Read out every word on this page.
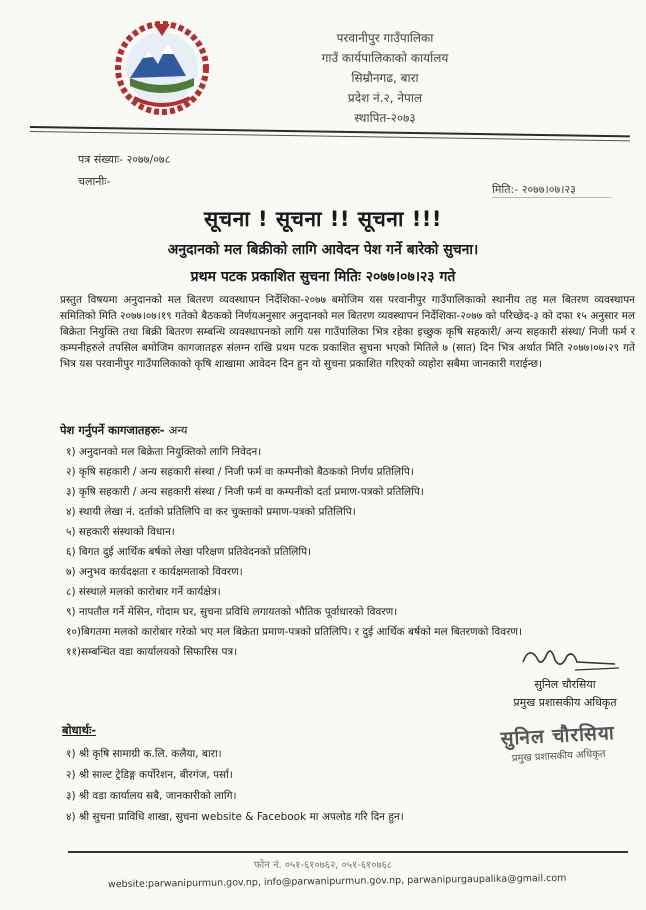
परवानीपुर गाउँपालिका
गाउँ कार्यपालिकाको कार्यालय
सिम्रौनगढ, बारा
प्रदेश नं.२, नेपाल
स्थापित-२०७३
पत्र संख्याः- २०७७/०७८
चलानीः-
मिति:- २०७७।०७।२३
सूचना ! सूचना !! सूचना !!!
अनुदानको मल बिक्रीको लागि आवेदन पेश गर्ने बारेको सुचना।
प्रथम पटक प्रकाशित सुचना मितिः २०७७।०७।२३ गते
प्रस्तुत विषयमा अनुदानको मल बितरण व्यवस्थापन निर्देशिका-२०७७ बमोजिम यस परवानीपुर गाउँपालिकाको स्थानीय तह मल बितरण व्यवस्थापन समितिको मिति २०७७।०७।१९ गतेको बैठकको निर्णयअनुसार अनुदानको मल बितरण व्यवस्थापन निर्देशिका-२०७७ को परिच्छेद-३ को दफा १५ अनुसार मल बिक्रेता नियुक्ति तथा बिक्री बितरण सम्बन्धि व्यवस्थापनको लागि यस गाउँपालिका भित्र रहेका इच्छुक कृषि सहकारी/ अन्य सहकारी संस्था/ निजी फर्म र कम्पनीहरुले तपसिल बमोजिम कागजातहरु संलग्न राखि प्रथम पटक प्रकाशित सुचना भएको मितिले ७ (सात) दिन भित्र अर्थात मिति २०७७।०७।२९ गते भित्र यस परवानीपुर गाउँपालिकाको कृषि शाखामा आवेदन दिन हुन यो सुचना प्रकाशित गरिएको व्यहोरा सबैमा जानकारी गराईन्छ।
पेश गर्नुपर्ने कागजातहरुः- अन्य
१) अनुदानको मल बिक्रेता नियुक्तिको लागि निवेदन।
२) कृषि सहकारी / अन्य सहकारी संस्था / निजी फर्म वा कम्पनीको बैठकको निर्णय प्रतिलिपि।
३) कृषि सहकारी / अन्य सहकारी संस्था / निजी फर्म वा कम्पनीको दर्ता प्रमाण-पत्रको प्रतिलिपि।
४) स्थायी लेखा नं. दर्ताको प्रतिलिपि वा कर चुक्ताको प्रमाण-पत्रको प्रतिलिपि।
५) सहकारी संस्थाको विधान।
६) बिगत दुई आर्थिक बर्षको लेखा परिक्षण प्रतिवेदनको प्रतिलिपि।
७) अनुभव कार्यदक्षता र कार्यक्षमताको विवरण।
८) संस्थाले मलको कारोबार गर्ने कार्यक्षेत्र।
९) नापतौल गर्ने मेसिन, गोदाम घर, सुचना प्रविधि लगायतको भौतिक पूर्वाधारको विवरण।
१०)बिगतमा मलको कारोबार गरेको भए मल बिक्रेता प्रमाण-पत्रको प्रतिलिपि। र दुई आर्थिक बर्षको मल बितरणको विवरण।
११)सम्बन्धित वडा कार्यालयको सिफारिस पत्र।
सुनिल चौरसिया
प्रमुख प्रशासकीय अधिकृत
सुनिल चौरसिया
प्रमुख प्रशासकीय अधिकृत
बोधार्थः-
१) श्री कृषि सामाग्री क.लि. कलैया, बारा।
२) श्री साल्ट ट्रेडिङ्ग कर्पोरेशन, बीरगंज, पर्सा।
३) श्री वडा कार्यालय सबै, जानकारीको लागि।
४) श्री सुचना प्राविधि शाखा, सुचना website & Facebook मा अपलोड गरि दिन हुन।
फोन नं. ०५१-६१०७६२, ०५१-६१०७६८
website:parwanipurmun.gov.np, info@parwanipurmun.gov.np, parwanipurgaupalika@gmail.com
